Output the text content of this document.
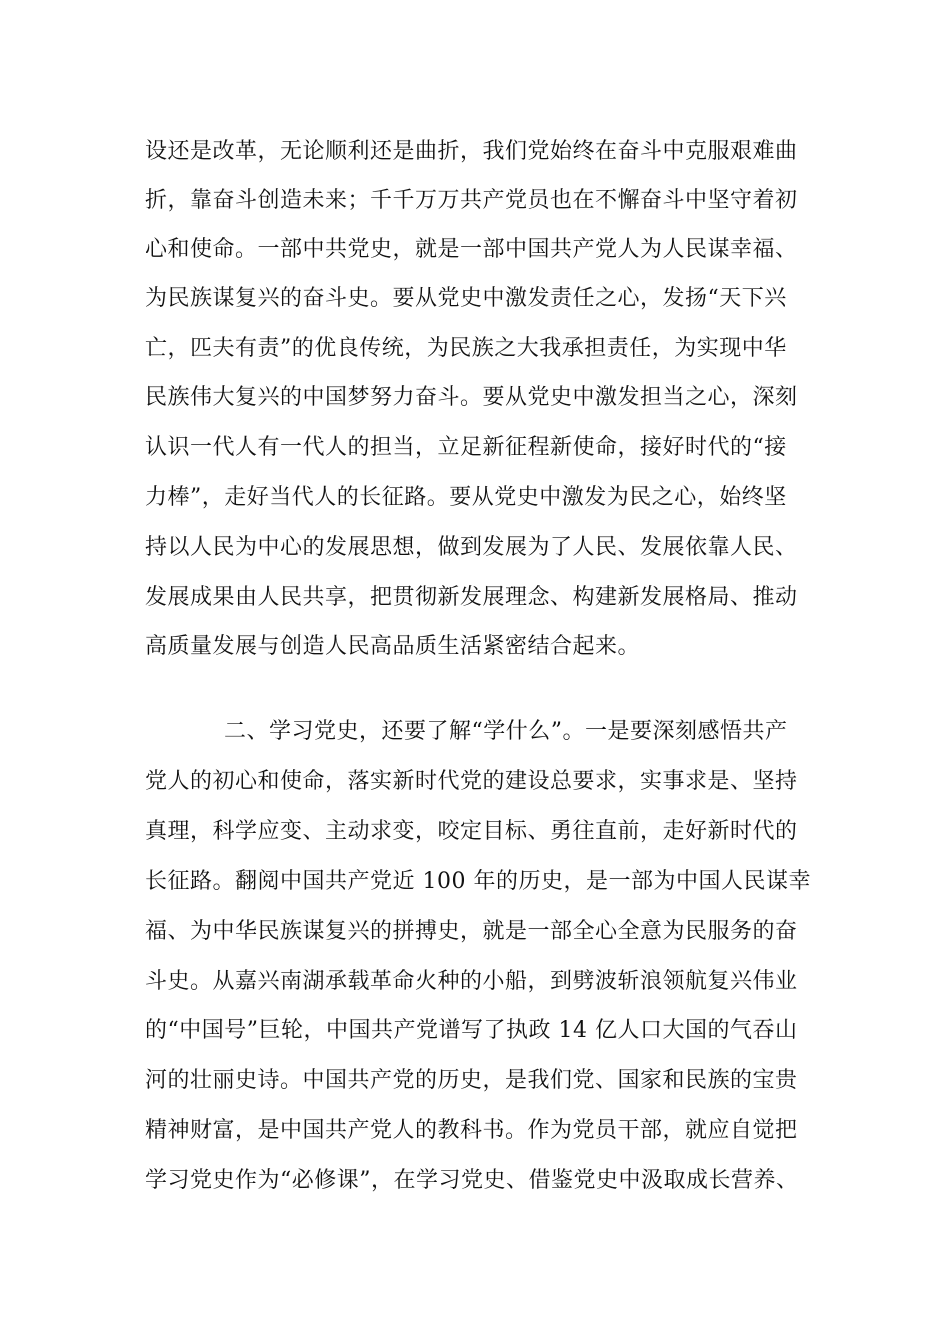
设还是改革，无论顺利还是曲折，我们党始终在奋斗中克服艰难曲
折，靠奋斗创造未来；千千万万共产党员也在不懈奋斗中坚守着初
心和使命。一部中共党史，就是一部中国共产党人为人民谋幸福、
为民族谋复兴的奋斗史。要从党史中激发责任之心，发扬“天下兴
亡，匹夫有责”的优良传统，为民族之大我承担责任，为实现中华
民族伟大复兴的中国梦努力奋斗。要从党史中激发担当之心，深刻
认识一代人有一代人的担当，立足新征程新使命，接好时代的“接
力棒”，走好当代人的长征路。要从党史中激发为民之心，始终坚
持以人民为中心的发展思想，做到发展为了人民、发展依靠人民、
发展成果由人民共享，把贯彻新发展理念、构建新发展格局、推动
高质量发展与创造人民高品质生活紧密结合起来。
二、学习党史，还要了解“学什么”。一是要深刻感悟共产
党人的初心和使命，落实新时代党的建设总要求，实事求是、坚持
真理，科学应变、主动求变，咬定目标、勇往直前，走好新时代的
长征路。翻阅中国共产党近 100 年的历史，是一部为中国人民谋幸
福、为中华民族谋复兴的拼搏史，就是一部全心全意为民服务的奋
斗史。从嘉兴南湖承载革命火种的小船，到劈波斩浪领航复兴伟业
的“中国号”巨轮，中国共产党谱写了执政 14 亿人口大国的气吞山
河的壮丽史诗。中国共产党的历史，是我们党、国家和民族的宝贵
精神财富，是中国共产党人的教科书。作为党员干部，就应自觉把
学习党史作为“必修课”，在学习党史、借鉴党史中汲取成长营养、
